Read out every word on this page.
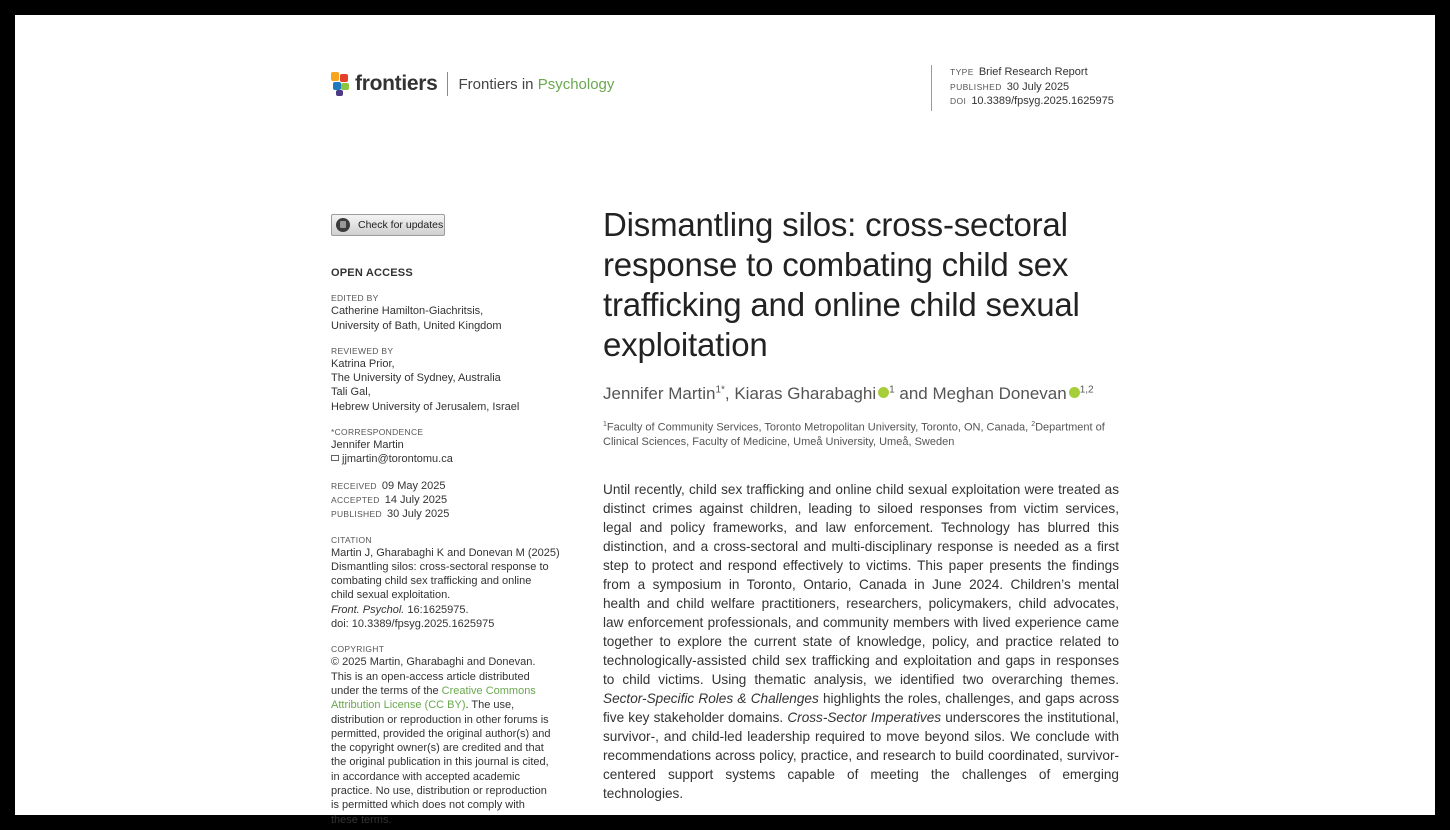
frontiers Frontiers in Psychology
TYPE Brief Research Report
PUBLISHED 30 July 2025
DOI 10.3389/fpsyg.2025.1625975
Check for updates
OPEN ACCESS
EDITED BY
Catherine Hamilton-Giachritsis,
University of Bath, United Kingdom
REVIEWED BY
Katrina Prior,
The University of Sydney, Australia
Tali Gal,
Hebrew University of Jerusalem, Israel
*CORRESPONDENCE
Jennifer Martin
jjmartin@torontomu.ca
RECEIVED 09 May 2025
ACCEPTED 14 July 2025
PUBLISHED 30 July 2025
CITATION
Martin J, Gharabaghi K and Donevan M (2025)
Dismantling silos: cross-sectoral response to
combating child sex trafficking and online
child sexual exploitation.
Front. Psychol. 16:1625975.
doi: 10.3389/fpsyg.2025.1625975
COPYRIGHT
© 2025 Martin, Gharabaghi and Donevan.
This is an open-access article distributed
under the terms of the Creative Commons
Attribution License (CC BY). The use,
distribution or reproduction in other forums is
permitted, provided the original author(s) and
the copyright owner(s) are credited and that
the original publication in this journal is cited,
in accordance with accepted academic
practice. No use, distribution or reproduction
is permitted which does not comply with
these terms.
Dismantling silos: cross-sectoral response to combating child sex trafficking and online child sexual exploitation
Jennifer Martin$^{1*}$, Kiaras Gharabaghi $^1$ and Meghan Donevan $^{1,2}$
$^1$Faculty of Community Services, Toronto Metropolitan University, Toronto, ON, Canada, $^2$Department of Clinical Sciences, Faculty of Medicine, Umeå University, Umeå, Sweden
Until recently, child sex trafficking and online child sexual exploitation were treated as distinct crimes against children, leading to siloed responses from victim services, legal and policy frameworks, and law enforcement. Technology has blurred this distinction, and a cross-sectoral and multi-disciplinary response is needed as a first step to protect and respond effectively to victims. This paper presents the findings from a symposium in Toronto, Ontario, Canada in June 2024. Children’s mental health and child welfare practitioners, researchers, policymakers, child advocates, law enforcement professionals, and community members with lived experience came together to explore the current state of knowledge, policy, and practice related to technologically-assisted child sex trafficking and exploitation and gaps in responses to child victims. Using thematic analysis, we identified two overarching themes. Sector-Specific Roles & Challenges highlights the roles, challenges, and gaps across five key stakeholder domains. Cross-Sector Imperatives underscores the institutional, survivor-, and child-led leadership required to move beyond silos. We conclude with recommendations across policy, practice, and research to build coordinated, survivor-centered support systems capable of meeting the challenges of emerging technologies.
